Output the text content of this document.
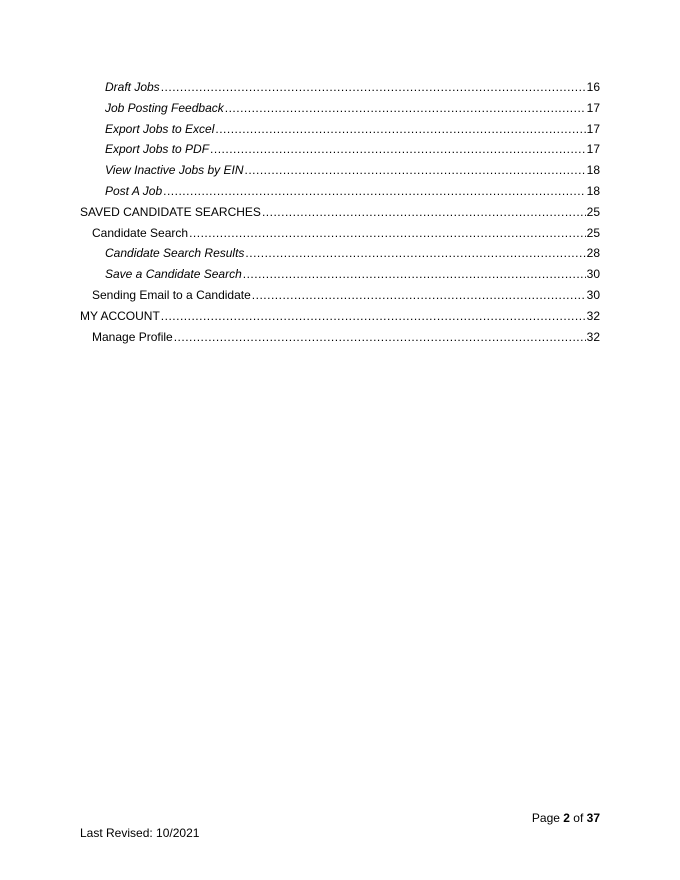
Draft Jobs .....	16
Job Posting Feedback .....	17
Export Jobs to Excel .....	17
Export Jobs to PDF .....	17
View Inactive Jobs by EIN .....	18
Post A Job .....	18
SAVED CANDIDATE SEARCHES .....	25
Candidate Search .....	25
Candidate Search Results .....	28
Save a Candidate Search .....	30
Sending Email to a Candidate .....	30
MY ACCOUNT .....	32
Manage Profile .....	32
Page 2 of 37
Last Revised: 10/2021
